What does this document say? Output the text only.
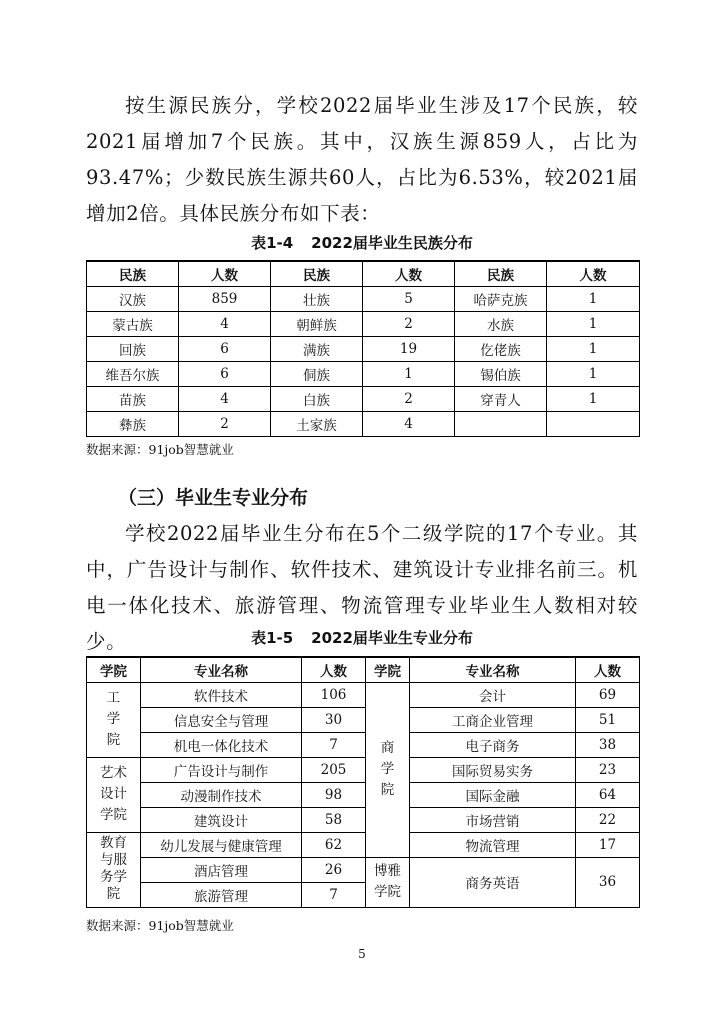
按生源民族分，学校2022届毕业生涉及17个民族，较2021届增加7个民族。其中，汉族生源859人，占比为93.47%；少数民族生源共60人，占比为6.53%，较2021届增加2倍。具体民族分布如下表：

表1-4 2022届毕业生民族分布
民族	人数	民族	人数	民族	人数
汉族	859	壮族	5	哈萨克族	1
蒙古族	4	朝鲜族	2	水族	1
回族	6	满族	19	仡佬族	1
维吾尔族	6	侗族	1	锡伯族	1
苗族	4	白族	2	穿青人	1
彝族	2	土家族	4		
数据来源：91job智慧就业
（三）毕业生专业分布

学校2022届毕业生分布在5个二级学院的17个专业。其中，广告设计与制作、软件技术、建筑设计专业排名前三。机电一体化技术、旅游管理、物流管理专业毕业生人数相对较少。	表1-5 2022届毕业生专业分布
学院	专业名称	人数	学院	专业名称	人数
工学院	软件技术	106	商学院	会计	69
	信息安全与管理	30		工商企业管理	51
	机电一体化技术	7		电子商务	38
艺术设计学院	广告设计与制作	205		国际贸易实务	23
	动漫制作技术	98		国际金融	64
	建筑设计	58		市场营销	22
教育与服务学院	幼儿发展与健康管理	62		物流管理	17
	酒店管理	26	博雅学院	商务英语	36
	旅游管理	7			
数据来源：91job智慧就业
5
